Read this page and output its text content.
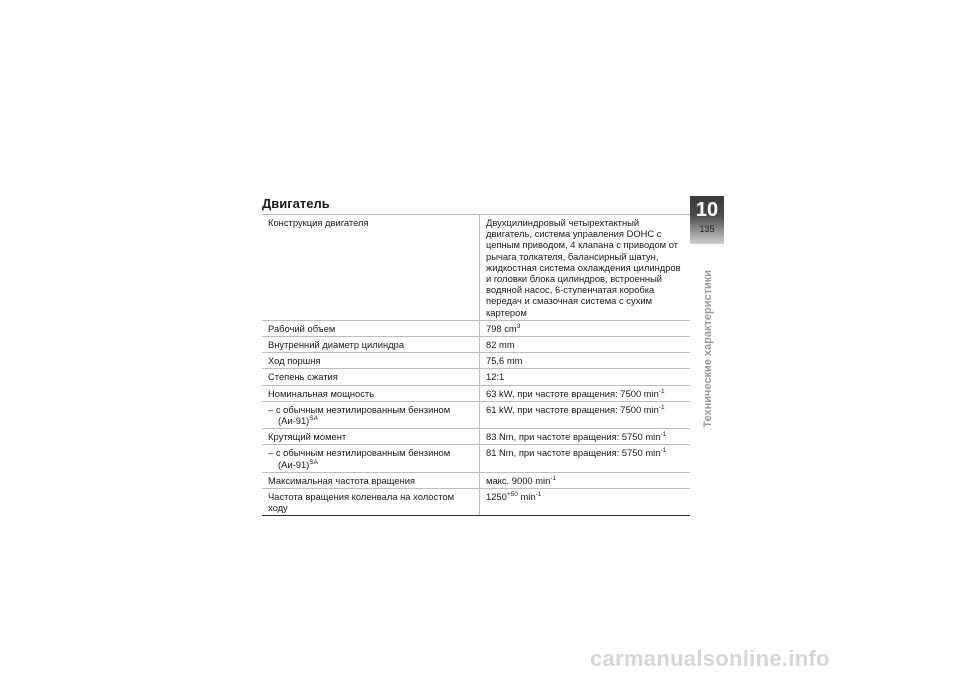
Двигатель
Конструкция двигателя	Двухцилиндровый четырехтактный двигатель, система управления DOHC с цепным приводом, 4 клапана с приводом от рычага толкателя, балансирный шатун, жидкостная система охлаждения цилиндров и головки блока цилиндров, встроенный водяной насос, 6-ступенчатая коробка передач и смазочная система с сухим картером
Рабочий объем	798 $cm^3$
Внутренний диаметр цилиндра	82 mm
Ход поршня	75,6 mm
Степень сжатия	12:1
Номинальная мощность	63 kW, при частоте вращения: 7500 $\min^{-1}$

– с обычным неэтилированным бензином $(Аи-91)^{SA}$	61 kW, при частоте вращения: 7500 $\min^{-1}$
Крутящий момент	83 Nm, при частоте вращения: 5750 $\min^{-1}$

– с обычным неэтилированным бензином $(Аи-91)^{SA}$	81 Nm, при частоте вращения: 5750 $\min^{-1}$
Максимальная частота вращения	макс. 9000 $\min^{-1}$
Частота вращения коленвала на холостом ходу	$1250^{+50}$ $\min^{-1}$
10
135
Технические характеристики
carmanualsonline.info
